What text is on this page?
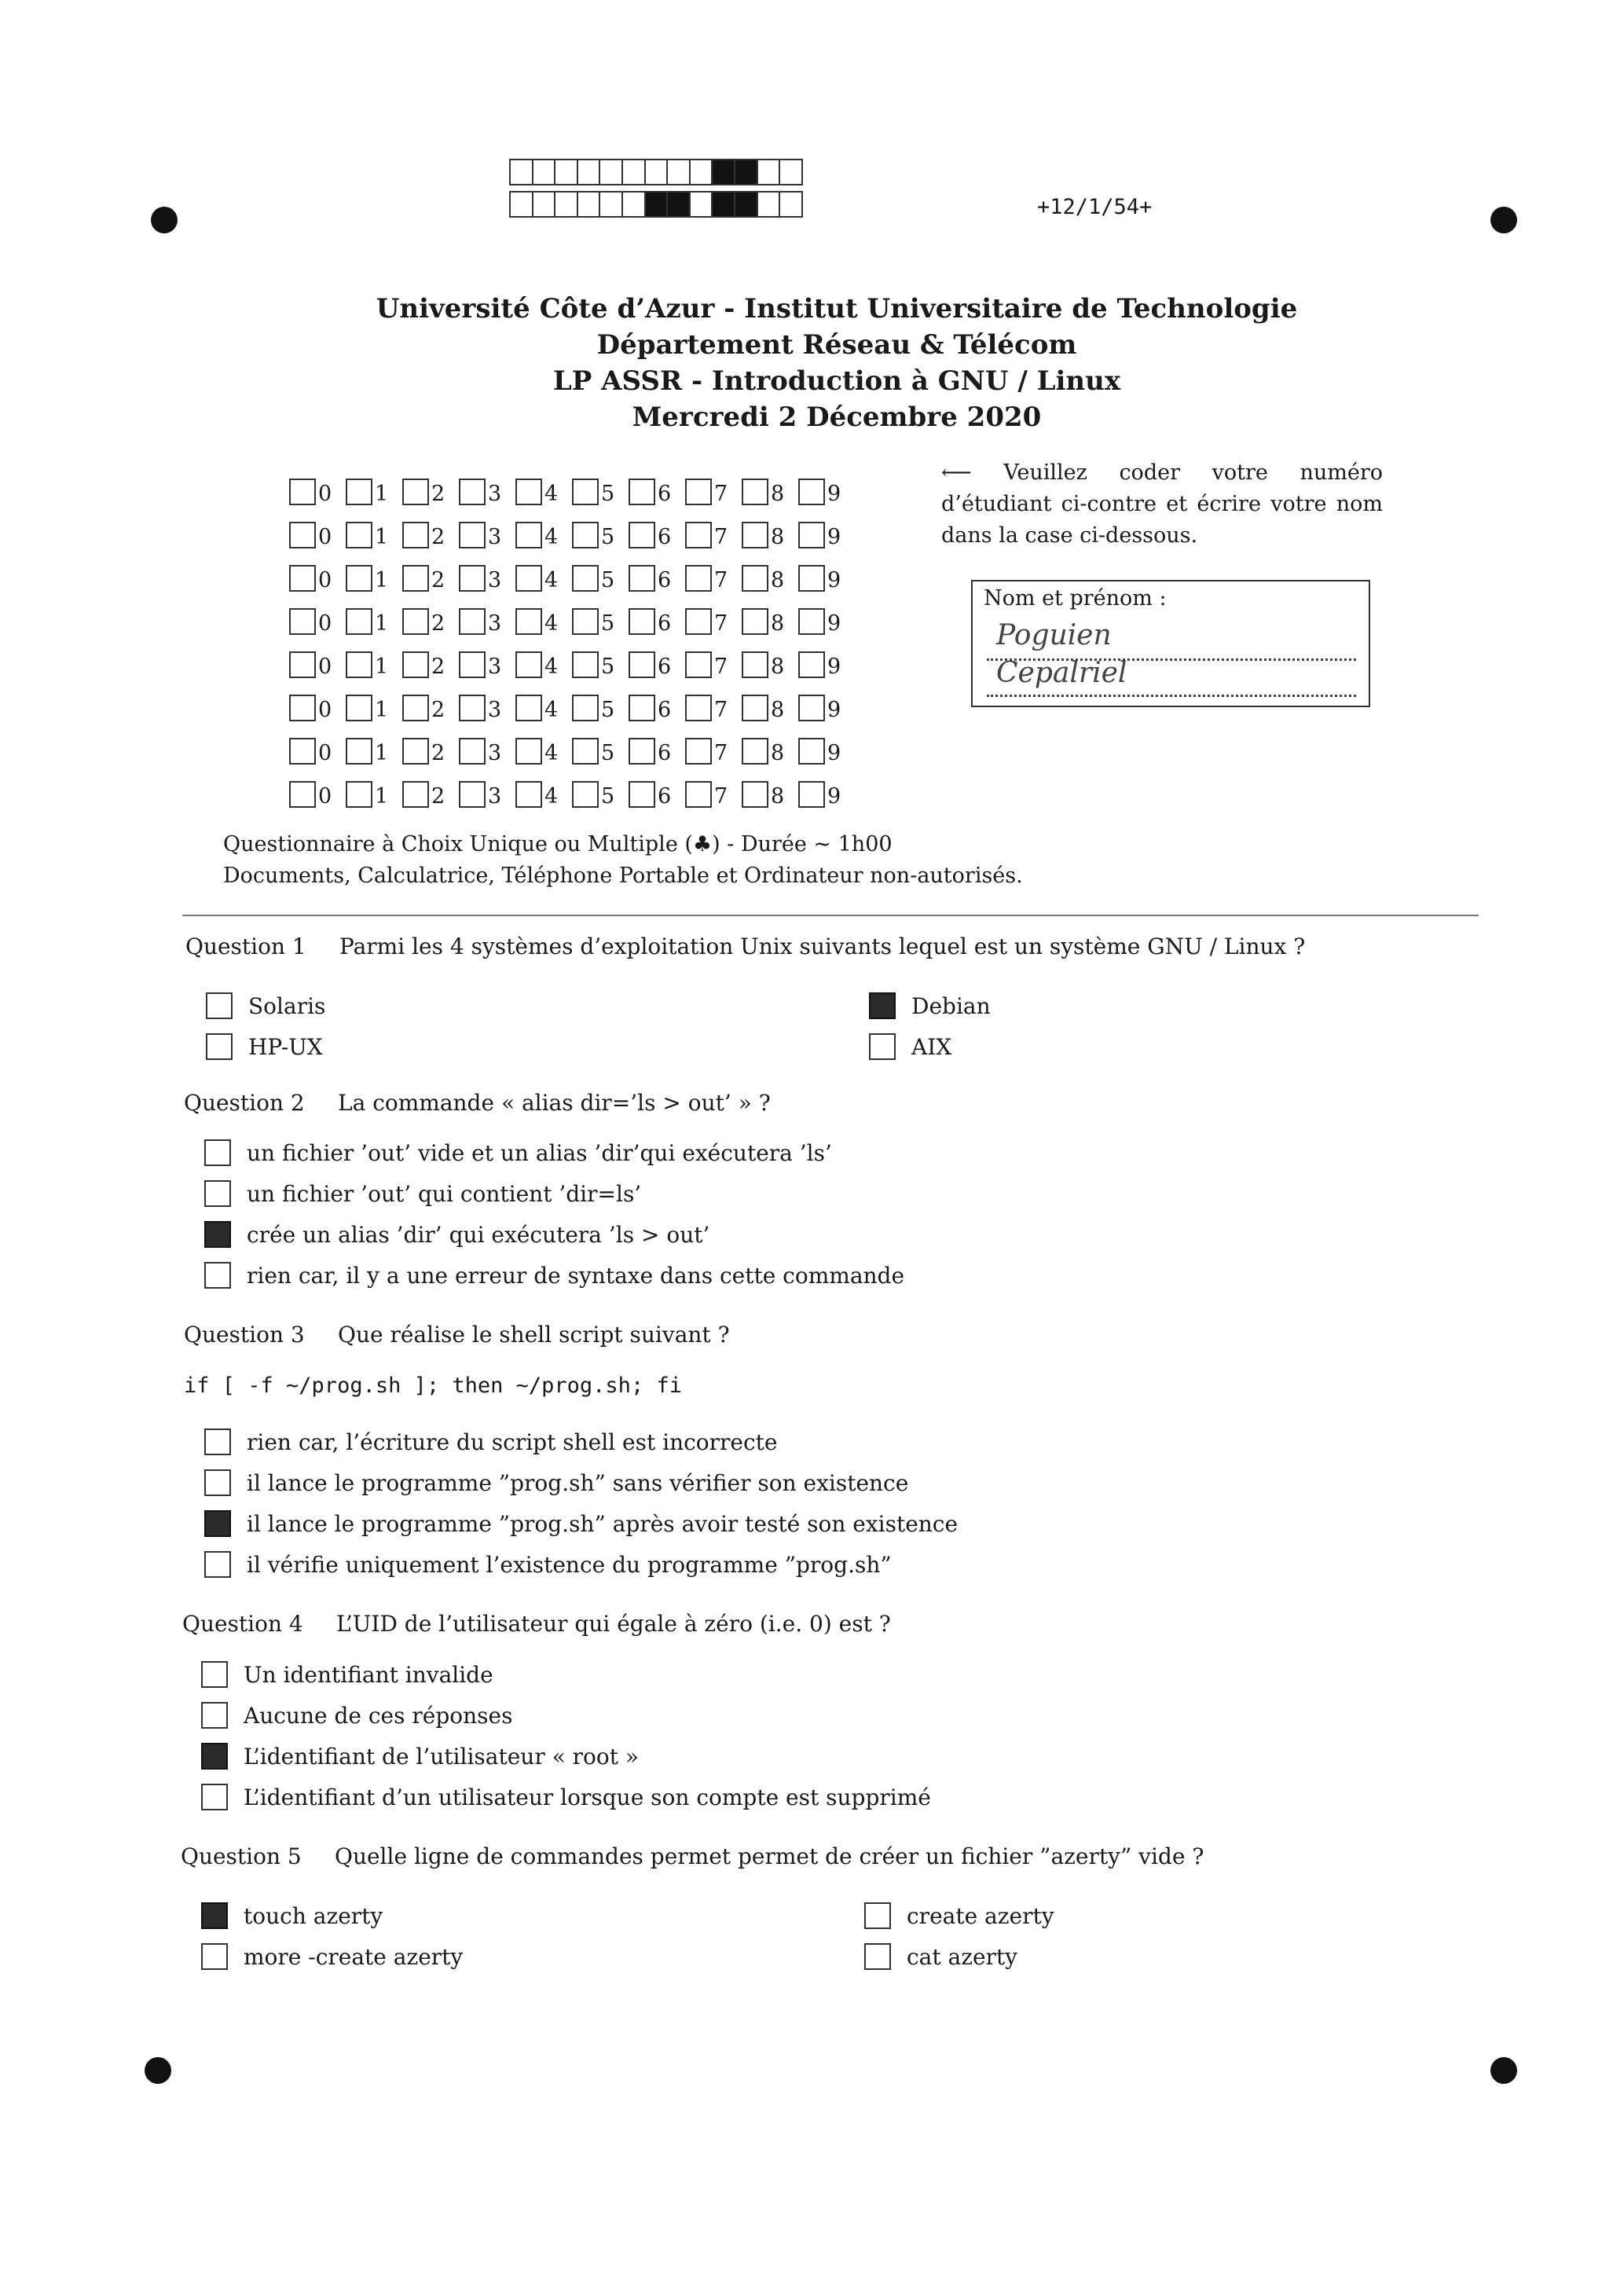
+12/1/54+
Université Côte d’Azur - Institut Universitaire de Technologie
Département Réseau & Télécom
LP ASSR - Introduction à GNU / Linux
Mercredi 2 Décembre 2020
0 1 2 3 4 5 6 7 8 9
0 1 2 3 4 5 6 7 8 9
0 1 2 3 4 5 6 7 8 9
0 1 2 3 4 5 6 7 8 9
0 1 2 3 4 5 6 7 8 9
0 1 2 3 4 5 6 7 8 9
0 1 2 3 4 5 6 7 8 9
0 1 2 3 4 5 6 7 8 9
⟵ Veuillez coder votre numéro d’étudiant ci-contre et écrire votre nom dans la case ci-dessous.
Nom et prénom :
Poguien
Cepalriel
Questionnaire à Choix Unique ou Multiple (♣) - Durée ∼ 1h00
Documents, Calculatrice, Téléphone Portable et Ordinateur non-autorisés.
Question 1 Parmi les 4 systèmes d’exploitation Unix suivants lequel est un système GNU / Linux ?
Solaris
HP-UX
Debian
AIX
Question 2 La commande « alias dir=’ls > out’ » ?
un fichier ’out’ vide et un alias ’dir’qui exécutera ’ls’
un fichier ’out’ qui contient ’dir=ls’
crée un alias ’dir’ qui exécutera ’ls > out’
rien car, il y a une erreur de syntaxe dans cette commande
Question 3 Que réalise le shell script suivant ?
if [ -f ~/prog.sh ]; then ~/prog.sh; fi
rien car, l’écriture du script shell est incorrecte
il lance le programme ”prog.sh” sans vérifier son existence
il lance le programme ”prog.sh” après avoir testé son existence
il vérifie uniquement l’existence du programme ”prog.sh”
Question 4 L’UID de l’utilisateur qui égale à zéro (i.e. 0) est ?
Un identifiant invalide
Aucune de ces réponses
L’identifiant de l’utilisateur « root »
L’identifiant d’un utilisateur lorsque son compte est supprimé
Question 5 Quelle ligne de commandes permet permet de créer un fichier ”azerty” vide ?
touch azerty
more -create azerty
create azerty
cat azerty
